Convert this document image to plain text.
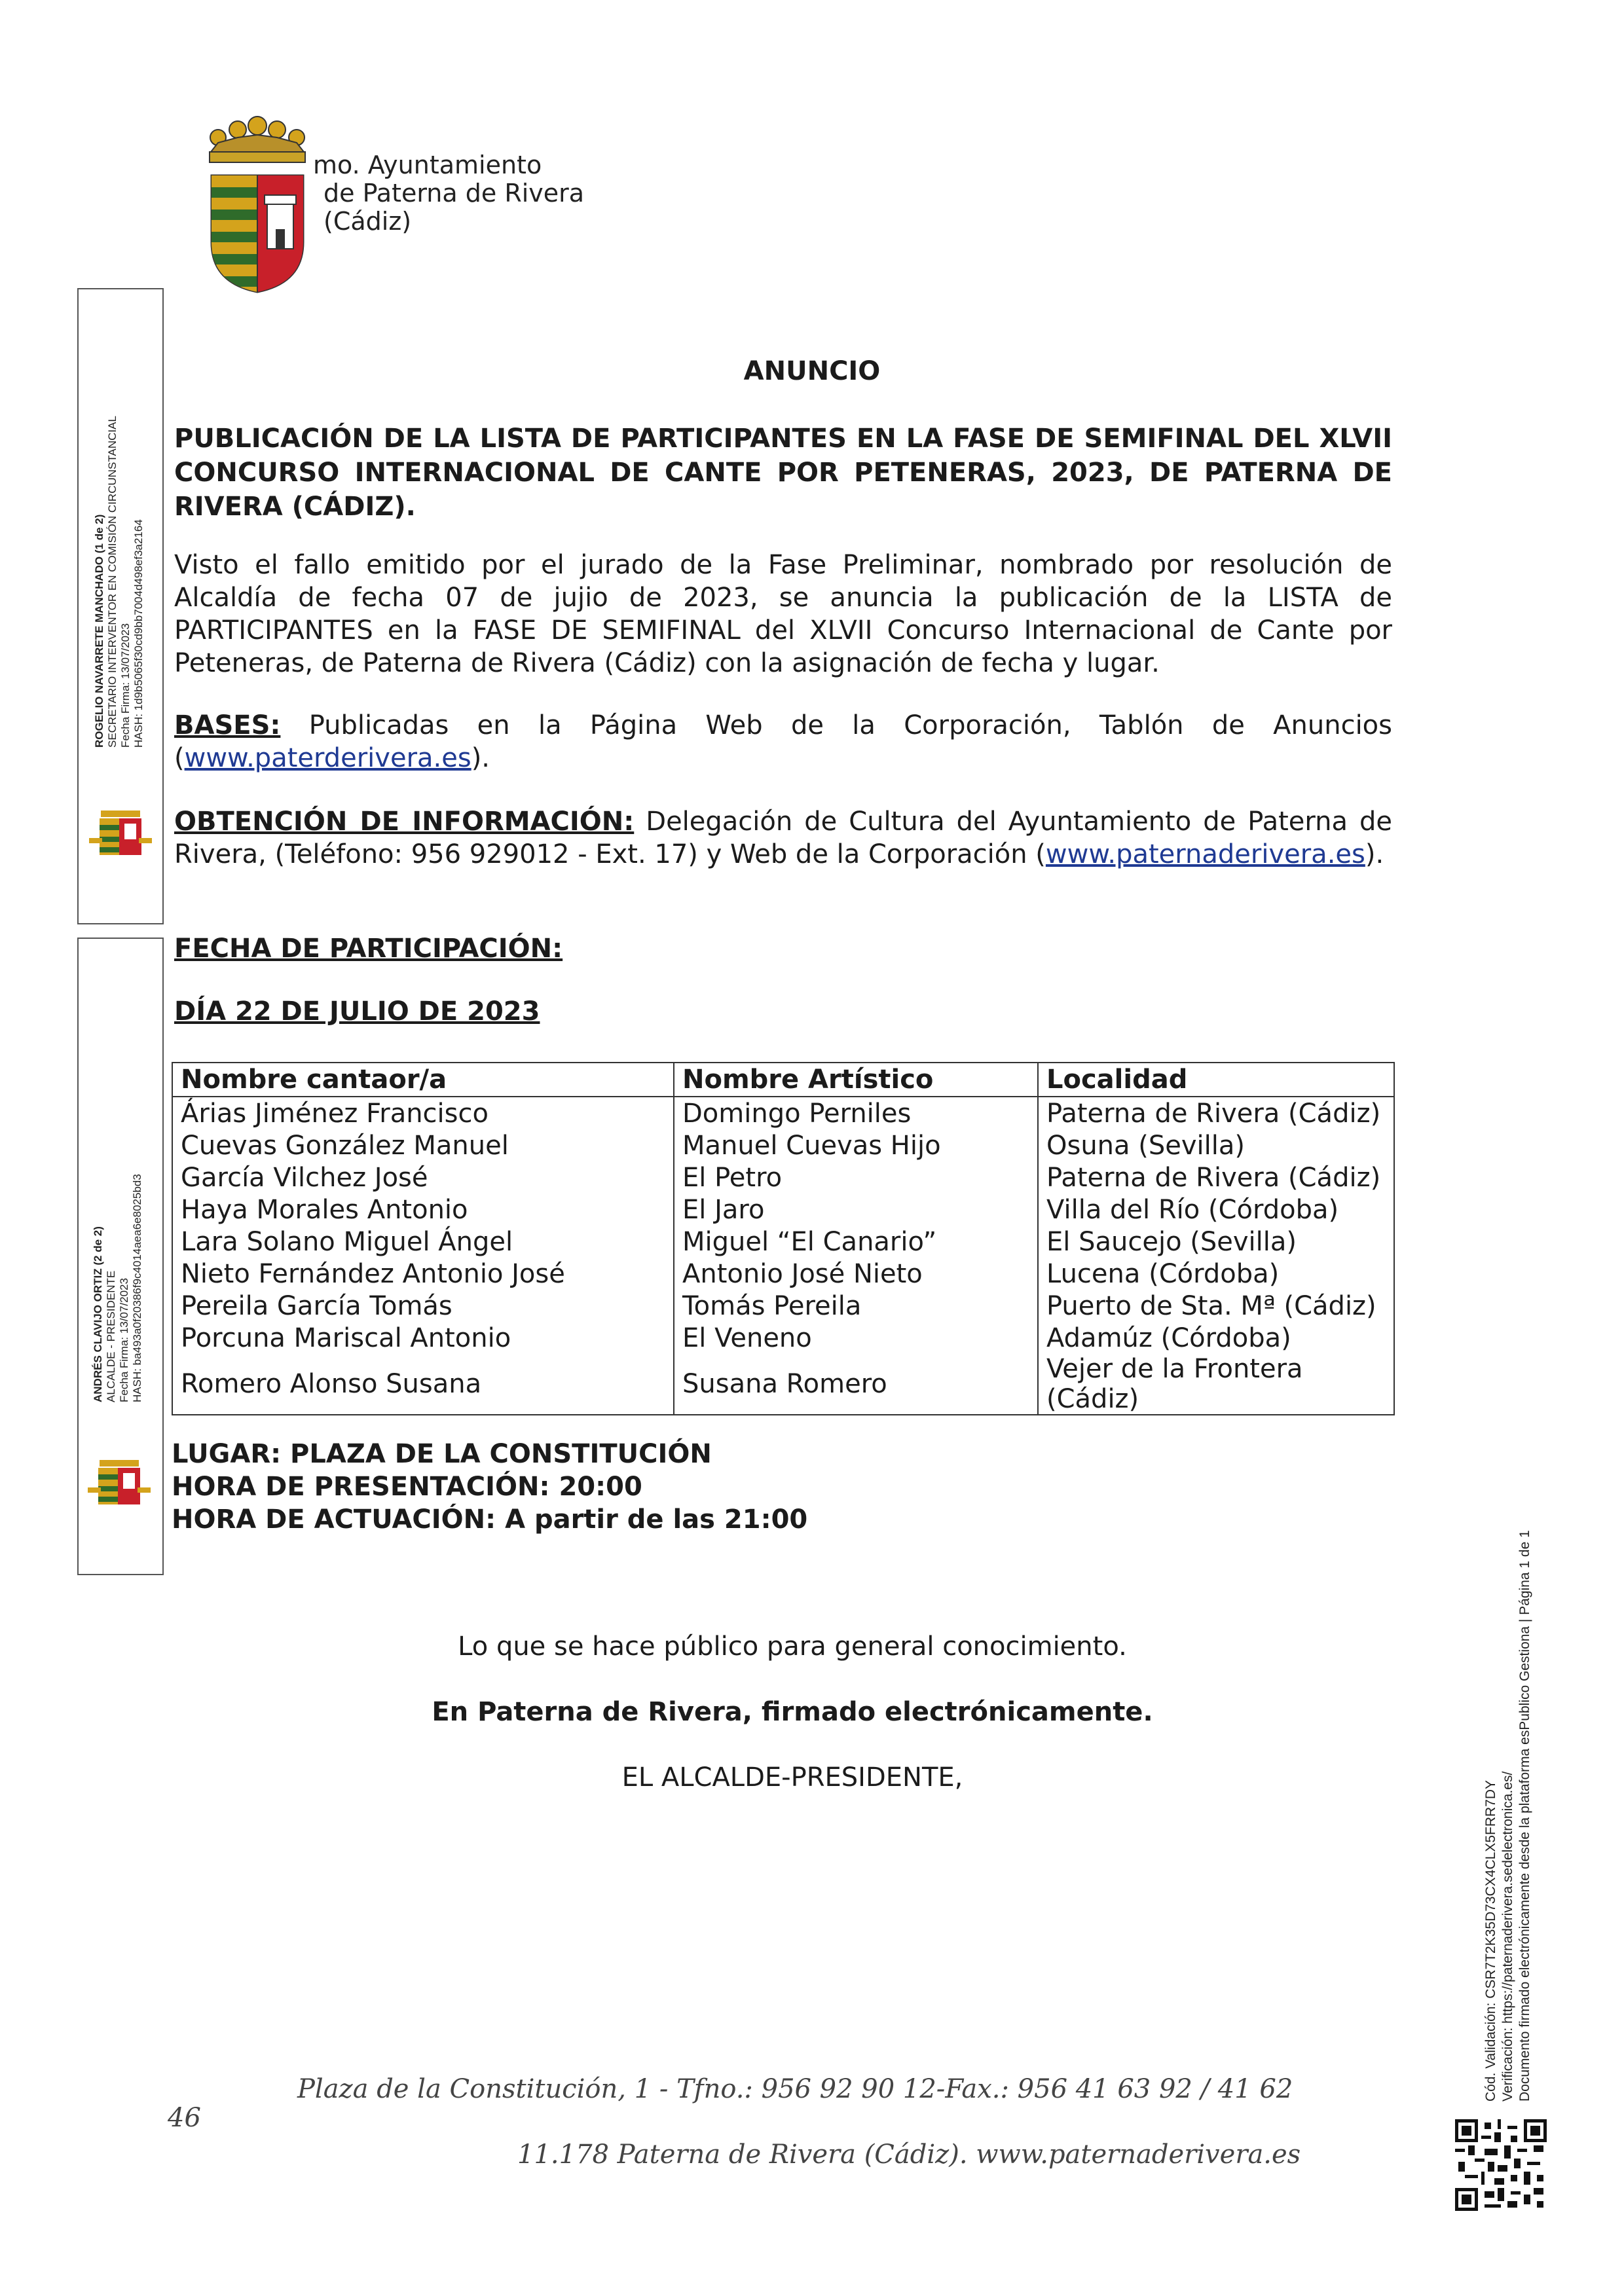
mo. Ayuntamiento
de Paterna de Rivera
(Cádiz)
ROGELIO NAVARRETE MANCHADO (1 de 2) SECRETARIO INTERVENTOR EN COMISIÓN CIRCUNSTANCIAL Fecha Firma: 13/07/2023 HASH: 1d9b5065f30cd9bb7004d498ef3a2164
ANDRÉS CLAVIJO ORTIZ (2 de 2) ALCALDE - PRESIDENTE Fecha Firma: 13/07/2023 HASH: ba493a0f20386f9c4014aea6e8025bd3
ANUNCIO
PUBLICACIÓN DE LA LISTA DE PARTICIPANTES EN LA FASE DE SEMIFINAL DEL XLVII CONCURSO INTERNACIONAL DE CANTE POR PETENERAS, 2023, DE PATERNA DE RIVERA (CÁDIZ).
Visto el fallo emitido por el jurado de la Fase Preliminar, nombrado por resolución de Alcaldía de fecha 07 de jujio de 2023, se anuncia la publicación de la LISTA de PARTICIPANTES en la FASE DE SEMIFINAL del XLVII Concurso Internacional de Cante por Peteneras, de Paterna de Rivera (Cádiz) con la asignación de fecha y lugar.
BASES: Publicadas en la Página Web de la Corporación, Tablón de Anuncios (www.paterderivera.es).
OBTENCIÓN DE INFORMACIÓN: Delegación de Cultura del Ayuntamiento de Paterna de Rivera, (Teléfono: 956 929012 - Ext. 17) y Web de la Corporación (www.paternaderivera.es).
FECHA DE PARTICIPACIÓN:
DÍA 22 DE JULIO DE 2023
Nombre cantaor/a	Nombre Artístico	Localidad
Árias Jiménez Francisco	Domingo Perniles	Paterna de Rivera (Cádiz)
Cuevas González Manuel	Manuel Cuevas Hijo	Osuna (Sevilla)
García Vilchez José	El Petro	Paterna de Rivera (Cádiz)
Haya Morales Antonio	El Jaro	Villa del Río (Córdoba)
Lara Solano Miguel Ángel	Miguel “El Canario”	El Saucejo (Sevilla)
Nieto Fernández Antonio José	Antonio José Nieto	Lucena (Córdoba)
Pereila García Tomás	Tomás Pereila	Puerto de Sta. Mª (Cádiz)
Porcuna Mariscal Antonio	El Veneno	Adamúz (Córdoba)
Romero Alonso Susana	Susana Romero	Vejer de la Frontera (Cádiz)
LUGAR: PLAZA DE LA CONSTITUCIÓN
HORA DE PRESENTACIÓN: 20:00
HORA DE ACTUACIÓN: A partir de las 21:00
Lo que se hace público para general conocimiento.
En Paterna de Rivera, firmado electrónicamente.
EL ALCALDE-PRESIDENTE,
46
Plaza de la Constitución, 1 - Tfno.: 956 92 90 12-Fax.: 956 41 63 92 / 41 62
11.178 Paterna de Rivera (Cádiz). www.paternaderivera.es
Cód. Validación: CSR7T2K35D73CX4CLX5FRR7DY Verificación: https://paternaderivera.sedelectronica.es/ Documento firmado electrónicamente desde la plataforma esPublico Gestiona | Página 1 de 1
